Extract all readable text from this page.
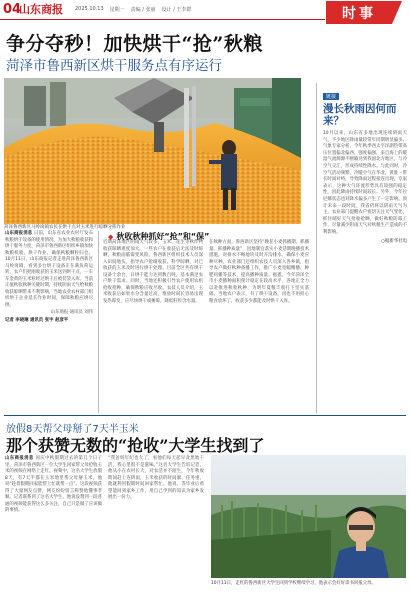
04
山东商报 2025.10.13 星期一 责编 / 张丽 设计 / 王李群	时事
争分夺秒！加快烘干“抢”秋粮
菏泽市鲁西新区烘干服务点有序运行
菏泽鲁西新区马岭岗镇农民在烘干点对玉米进行晾晒分拣作业
链接
漫长秋雨因何而来？
10月以来，山东省多地出现连续阴雨天气，不少地区降雨量较常年同期明显偏多。气象专家分析，今年秋季西太平洋副热带高压位置偏北偏西，强度偏强，来自海上的暖湿气流源源不断输送到我国北方地区，与冷空气交汇，形成持续性降水。与此同时，冷空气活动频繁，冷暖空气在华北、黄淮一带长时间对峙，导致降雨过程接连出现。专家表示，这种大气环流形势具有较强的稳定性，因此降雨持续时间较长。另外，今年拉尼娜状态也对降水偏多产生了一定影响。预计未来一段时间，我省仍将以阴雨天气为主，农业部门提醒农户密切关注天气变化，抓住晴好天气抢收抢晒，做好秋粮防霉工作，尽量减少阴雨天气对秋粮生产造成的不利影响。
○据新华社电
山东商报消息 日前，山东省农业农村厅发布秋粮烘干设备的使用情况，为加大秋粮收获和烘干服务力度，菏泽市鲁西新区组织乡镇加快秋粮机收、烘干作业，确保秋粮颗粒归仓。10月11日，山东商报记者走进菏泽鲁西新区马岭岗镇，看到多台烘干设备正在满负荷运转，农户们把刚收获的玉米送到烘干点，一车车金黄的玉米粒经过烘干后被装袋入库。当前正值秋收秋种关键时期，持续阴雨天气给秋粮收获晾晒带来不利影响，当地农业农村部门组织烘干企业延长作业时间，保障秋粮应烘尽烘。
山东商报·通讯员 刘伟
记者 李晓琳 通讯员 张宇 赵彦平
◆ 秋收秋种抓好“抢”和“保”
近期菏泽地区阴雨天气较多，玉米、花生等秋作物收获晾晒难度加大。一些农户在收获后无法及时晾晒，秋粮面临霉变风险。鲁西新区组织技术人员深入田间地头，指导农户抢晴收获、科学晾晒，对已收获的玉米及时进行烘干处理。目前全区共有烘干设备十余台，日烘干能力达到数百吨，基本满足农户烘干需求。同时，当地还积极引导农户使用农机抢收抢种，确保秋粮应收尽收。农技人员介绍，玉米收获后如果水分含量过高，堆放时间长容易出现发热霉变，应尽快烘干或摊晾，降低籽粒含水量。
在秋种方面，鲁西新区坚持“晚茬小麦抓播期、抓播量、抓播种质量”，因地制宜落实小麦适期晚播技术措施，对排水不畅地块及时开沟排水，确保小麦应种尽种。农业部门还组织农技人员深入各乡镇，指导农户做好秋种备播工作，推广小麦宽幅精播、种肥同播等技术，提高播种质量。据悉，今年菏泽全市小麦播种面积预计稳定在较高水平，各地正全力以赴推进秋收秋种，为明年夏粮丰收打下坚实基础。当地农户表示，有了烘干设备，再也不用担心粮食放坏了，收获多少都能及时烘干入库。
放假8天帮父母掰了7天半玉米
那个获赞无数的“抢收”大学生找到了
山东商报消息 国庆中秋假期过去的第几个日子里，菏泽市鲁西新区一位大学生回家帮父母抢收玉米的视频在网络上走红。视频中，这名大学生放假8天，有7天半都在玉米地里帮父母掰玉米，他说“趁着假期回家能帮上忙就帮一点”。这段视频获得了大量网友点赞，网友纷纷留言称赞他懂事孝顺。记者联系到了这名大学生，他说没想到一段普通的视频能获得这么多关注，自己只是做了应该做的事情。
“我爸妈年纪也大了，看他们每天起早贪黑地干活，我心里很不是滋味。”这名大学生告诉记者，他从小在农村长大，对农活并不陌生，今年秋收期间赶上连阴雨，玉米收获的时间紧、任务重，他就利用假期时间回家帮忙。他说，等毕业后希望能回到家乡工作，用自己学到的知识为家乡发展出一份力。
10月11日，走红的鲁西新区大学生回到学校继续学习，他表示会好好读书回报父母。
